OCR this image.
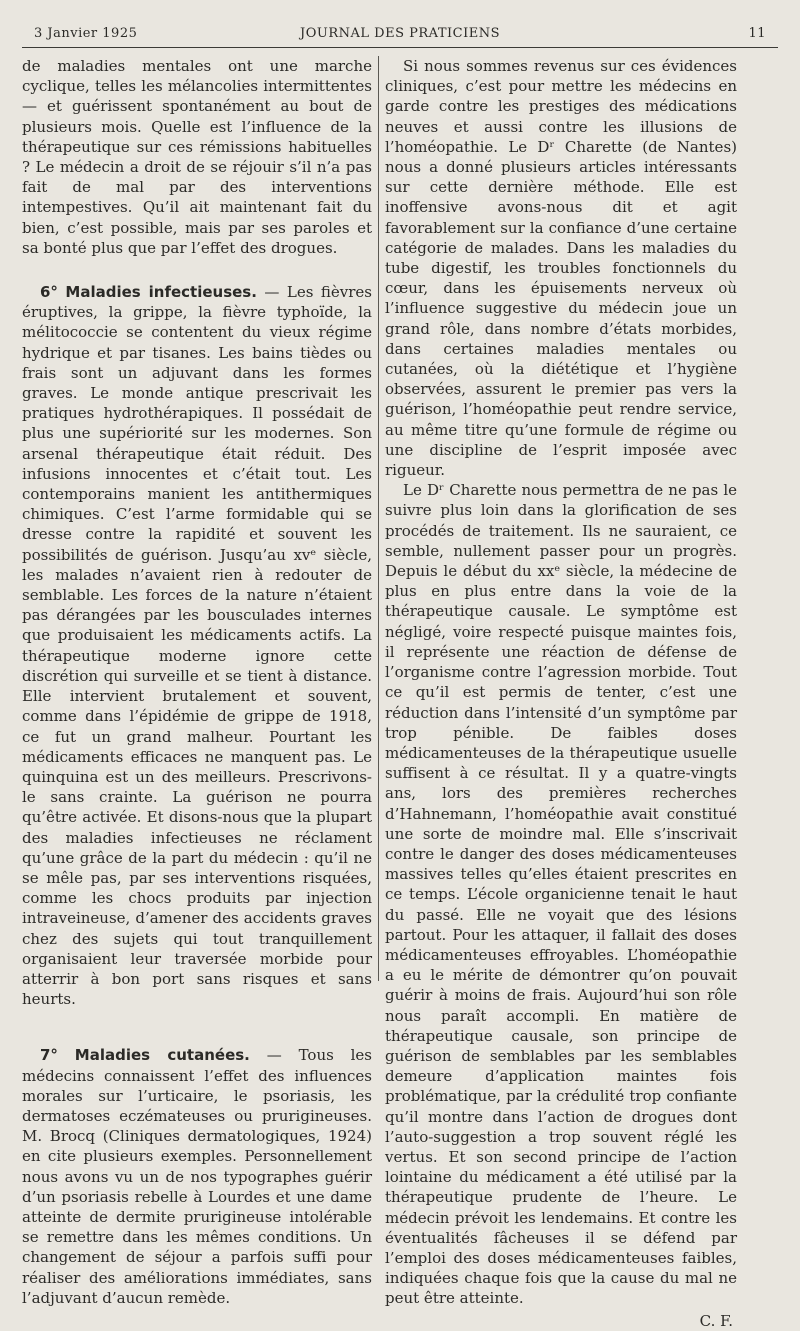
3 Janvier 1925	JOURNAL DES PRATICIENS	11

de maladies mentales ont une marche cyclique, telles les mélancolies intermittentes — et guérissent spontanément au bout de plusieurs mois. Quelle est l’influence de la thérapeutique sur ces rémissions habituelles ? Le médecin a droit de se réjouir s’il n’a pas fait de mal par des interventions intempestives. Qu’il ait maintenant fait du bien, c’est possible, mais par ses paroles et sa bonté plus que par l’effet des drogues.

6° Maladies infectieuses. — Les fièvres éruptives, la grippe, la fièvre typhoïde, la mélitococcie se contentent du vieux régime hydrique et par tisanes. Les bains tièdes ou frais sont un adjuvant dans les formes graves. Le monde antique prescrivait les pratiques hydrothérapiques. Il possédait de plus une supériorité sur les modernes. Son arsenal thérapeutique était réduit. Des infusions innocentes et c’était tout. Les contemporains manient les antithermiques chimiques. C’est l’arme formidable qui se dresse contre la rapidité et souvent les possibilités de guérison. Jusqu’au xvᵉ siècle, les malades n’avaient rien à redouter de semblable. Les forces de la nature n’étaient pas dérangées par les bousculades internes que produisaient les médicaments actifs. La thérapeutique moderne ignore cette discrétion qui surveille et se tient à distance. Elle intervient brutalement et souvent, comme dans l’épidémie de grippe de 1918, ce fut un grand malheur. Pourtant les médicaments efficaces ne manquent pas. Le quinquina est un des meilleurs. Prescrivons-le sans crainte. La guérison ne pourra qu’être activée. Et disons-nous que la plupart des maladies infectieuses ne réclament qu’une grâce de la part du médecin : qu’il ne se mêle pas, par ses interventions risquées, comme les chocs produits par injection intraveineuse, d’amener des accidents graves chez des sujets qui tout tranquillement organisaient leur traversée morbide pour atterrir à bon port sans risques et sans heurts.

7° Maladies cutanées. — Tous les médecins connaissent l’effet des influences morales sur l’urticaire, le psoriasis, les dermatoses eczémateuses ou prurigineuses. M. Brocq (Cliniques dermatologiques, 1924) en cite plusieurs exemples. Personnellement nous avons vu un de nos typographes guérir d’un psoriasis rebelle à Lourdes et une dame atteinte de dermite prurigineuse intolérable se remettre dans les mêmes conditions. Un changement de séjour a parfois suffi pour réaliser des améliorations immédiates, sans l’adjuvant d’aucun remède.

Si nous sommes revenus sur ces évidences cliniques, c’est pour mettre les médecins en garde contre les prestiges des médications neuves et aussi contre les illusions de l’homéopathie. Le Dʳ Charette (de Nantes) nous a donné plusieurs articles intéressants sur cette dernière méthode. Elle est inoffensive avons-nous dit et agit favorablement sur la confiance d’une certaine catégorie de malades. Dans les maladies du tube digestif, les troubles fonctionnels du cœur, dans les épuisements nerveux où l’influence suggestive du médecin joue un grand rôle, dans nombre d’états morbides, dans certaines maladies mentales ou cutanées, où la diététique et l’hygiène observées, assurent le premier pas vers la guérison, l’homéopathie peut rendre service, au même titre qu’une formule de régime ou une discipline de l’esprit imposée avec rigueur.

Le Dʳ Charette nous permettra de ne pas le suivre plus loin dans la glorification de ses procédés de traitement. Ils ne sauraient, ce semble, nullement passer pour un progrès. Depuis le début du xxᵉ siècle, la médecine de plus en plus entre dans la voie de la thérapeutique causale. Le symptôme est négligé, voire respecté puisque maintes fois, il représente une réaction de défense de l’organisme contre l’agression morbide. Tout ce qu’il est permis de tenter, c’est une réduction dans l’intensité d’un symptôme par trop pénible. De faibles doses médicamenteuses de la thérapeutique usuelle suffisent à ce résultat. Il y a quatre-vingts ans, lors des premières recherches d’Hahnemann, l’homéopathie avait constitué une sorte de moindre mal. Elle s’inscrivait contre le danger des doses médicamenteuses massives telles qu’elles étaient prescrites en ce temps. L’école organicienne tenait le haut du passé. Elle ne voyait que des lésions partout. Pour les attaquer, il fallait des doses médicamenteuses effroyables. L’homéopathie a eu le mérite de démontrer qu’on pouvait guérir à moins de frais. Aujourd’hui son rôle nous paraît accompli. En matière de thérapeutique causale, son principe de guérison de semblables par les semblables demeure d’application maintes fois problématique, par la crédulité trop confiante qu’il montre dans l’action de drogues dont l’auto-suggestion a trop souvent réglé les vertus. Et son second principe de l’action lointaine du médicament a été utilisé par la thérapeutique prudente de l’heure. Le médecin prévoit les lendemains. Et contre les éventualités fâcheuses il se défend par l’emploi des doses médicamenteuses faibles, indiquées chaque fois que la cause du mal ne peut être atteinte.

C. F.
